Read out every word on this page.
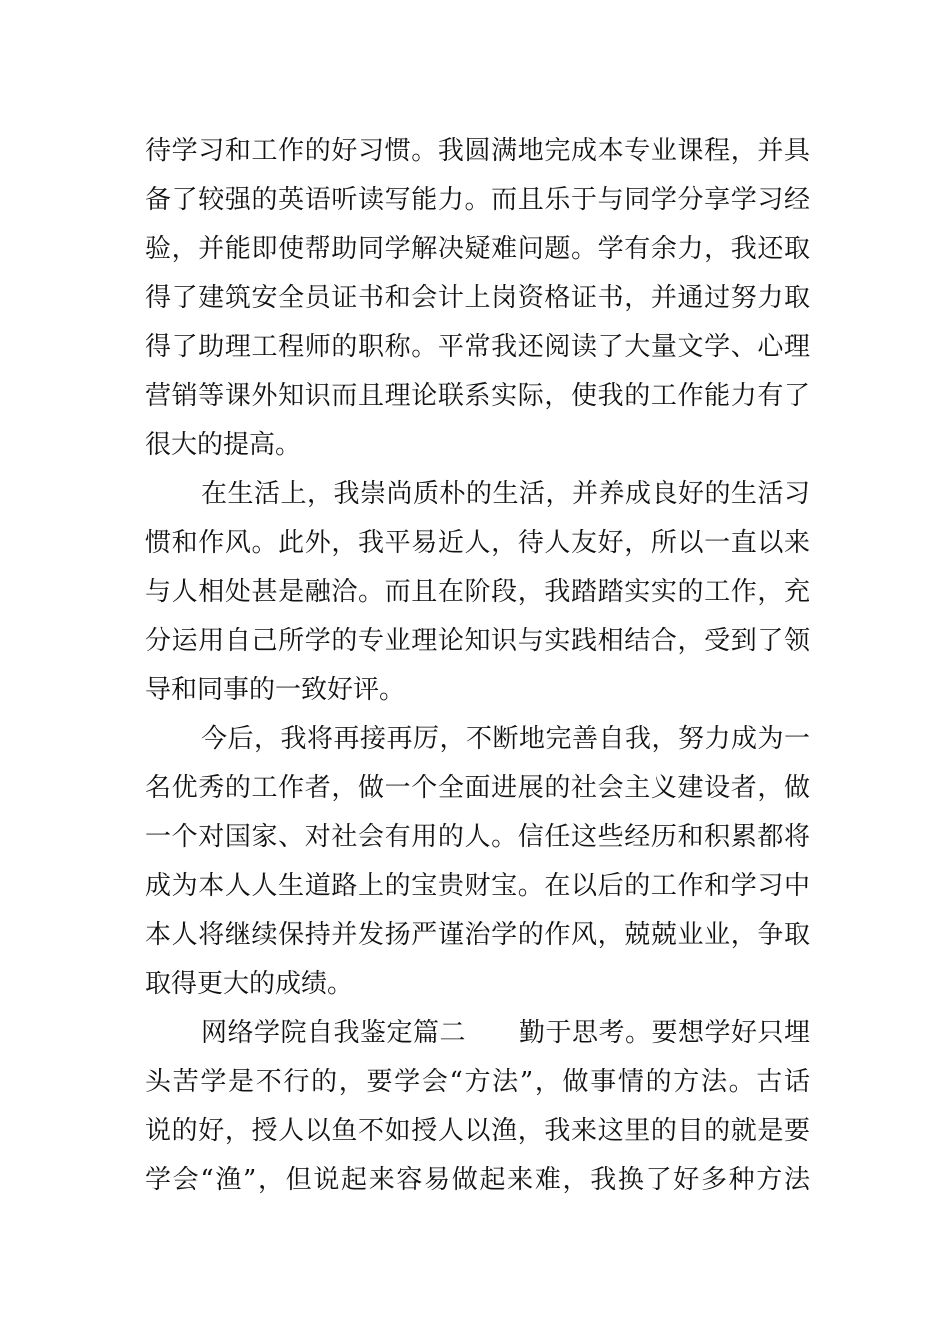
待学习和工作的好习惯。我圆满地完成本专业课程，并具
备了较强的英语听读写能力。而且乐于与同学分享学习经
验，并能即使帮助同学解决疑难问题。学有余力，我还取
得了建筑安全员证书和会计上岗资格证书，并通过努力取
得了助理工程师的职称。平常我还阅读了大量文学、心理
营销等课外知识而且理论联系实际，使我的工作能力有了
很大的提高。
在生活上，我崇尚质朴的生活，并养成良好的生活习
惯和作风。此外，我平易近人，待人友好，所以一直以来
与人相处甚是融洽。而且在阶段，我踏踏实实的工作，充
分运用自己所学的专业理论知识与实践相结合，受到了领
导和同事的一致好评。
今后，我将再接再厉，不断地完善自我，努力成为一
名优秀的工作者，做一个全面进展的社会主义建设者，做
一个对国家、对社会有用的人。信任这些经历和积累都将
成为本人人生道路上的宝贵财宝。在以后的工作和学习中
本人将继续保持并发扬严谨治学的作风，兢兢业业，争取
取得更大的成绩。
网络学院自我鉴定篇二　　勤于思考。要想学好只埋
头苦学是不行的，要学会“方法”，做事情的方法。古话
说的好，授人以鱼不如授人以渔，我来这里的目的就是要
学会“渔”，但说起来容易做起来难，我换了好多种方法
